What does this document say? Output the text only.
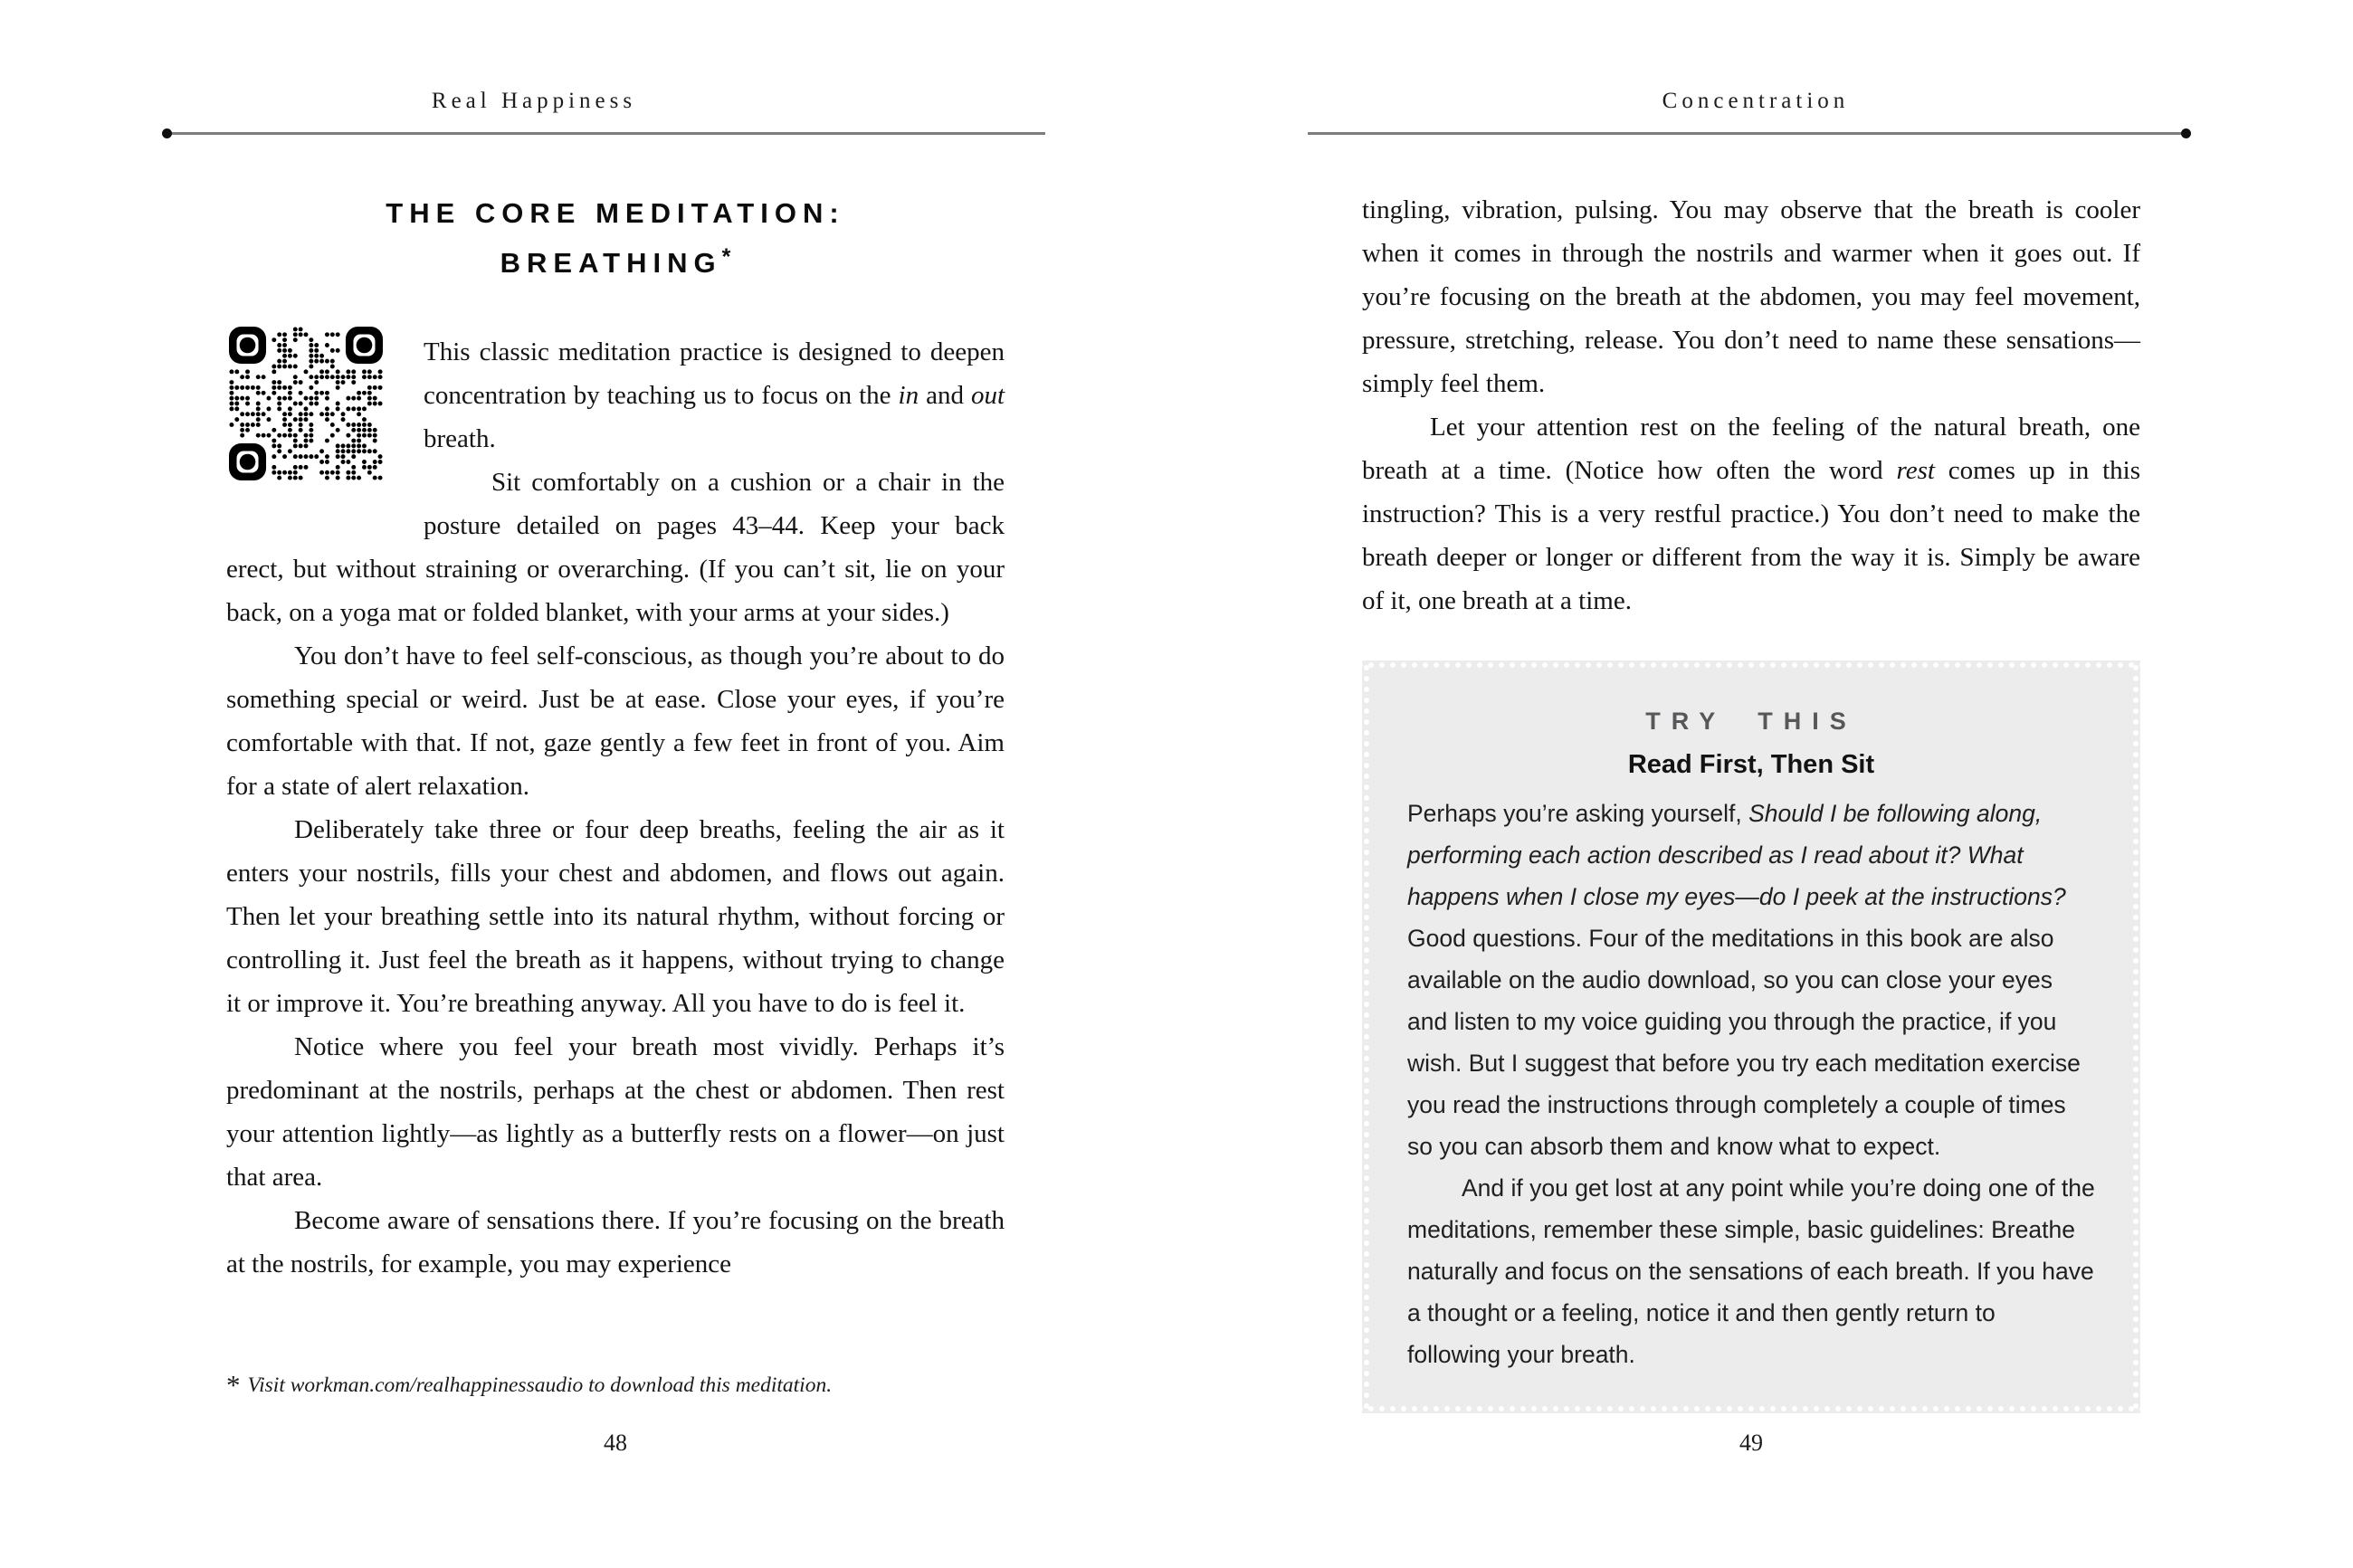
Real Happiness
THE CORE MEDITATION:
BREATHING*

This classic meditation practice is designed to deepen concentration by teaching us to focus on the in and out breath.

Sit comfortably on a cushion or a chair in the posture detailed on pages 43–44. Keep your back erect, but without straining or overarching. (If you can’t sit, lie on your back, on a yoga mat or folded blanket, with your arms at your sides.)

You don’t have to feel self-conscious, as though you’re about to do something special or weird. Just be at ease. Close your eyes, if you’re comfortable with that. If not, gaze gently a few feet in front of you. Aim for a state of alert relaxation.

Deliberately take three or four deep breaths, feeling the air as it enters your nostrils, fills your chest and abdomen, and flows out again. Then let your breathing settle into its natural rhythm, without forcing or controlling it. Just feel the breath as it happens, without trying to change it or improve it. You’re breathing anyway. All you have to do is feel it.

Notice where you feel your breath most vividly. Perhaps it’s predominant at the nostrils, perhaps at the chest or abdomen. Then rest your attention lightly—as lightly as a butterfly rests on a flower—on just that area.

Become aware of sensations there. If you’re focusing on the breath at the nostrils, for example, you may experience

* Visit workman.com/realhappinessaudio to download this meditation.
48
Concentration

tingling, vibration, pulsing. You may observe that the breath is cooler when it comes in through the nostrils and warmer when it goes out. If you’re focusing on the breath at the abdomen, you may feel movement, pressure, stretching, release. You don’t need to name these sensations—simply feel them.

Let your attention rest on the feeling of the natural breath, one breath at a time. (Notice how often the word rest comes up in this instruction? This is a very restful practice.) You don’t need to make the breath deeper or longer or different from the way it is. Simply be aware of it, one breath at a time.

TRY THIS
Read First, Then Sit

Perhaps you’re asking yourself, Should I be following along, performing each action described as I read about it? What happens when I close my eyes—do I peek at the instructions? Good questions. Four of the meditations in this book are also available on the audio download, so you can close your eyes and listen to my voice guiding you through the practice, if you wish. But I suggest that before you try each meditation exercise you read the instructions through completely a couple of times so you can absorb them and know what to expect.

And if you get lost at any point while you’re doing one of the meditations, remember these simple, basic guidelines: Breathe naturally and focus on the sensations of each breath. If you have a thought or a feeling, notice it and then gently return to following your breath.

49
